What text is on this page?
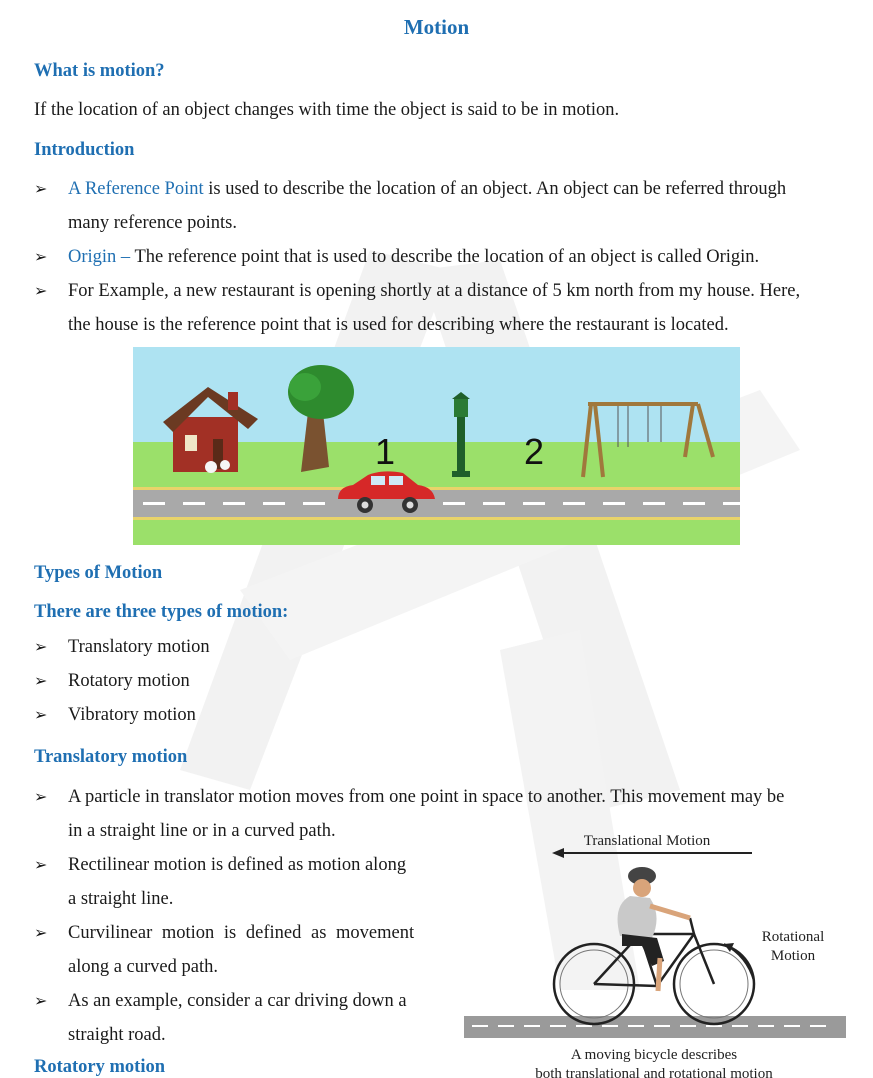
Motion
What is motion?
If the location of an object changes with time the object is said to be in motion.
Introduction
➢ A Reference Point is used to describe the location of an object. An object can be referred through
many reference points.
➢ Origin – The reference point that is used to describe the location of an object is called Origin.
➢ For Example, a new restaurant is opening shortly at a distance of 5 km north from my house. Here,
the house is the reference point that is used for describing where the restaurant is located.
1	2
Types of Motion
There are three types of motion:
➢ Translatory motion
➢ Rotatory motion
➢ Vibratory motion
Translatory motion
➢ A particle in translator motion moves from one point in space to another. This movement may be
in a straight line or in a curved path.
➢ Rectilinear motion is defined as motion along
a straight line.
➢ Curvilinear motion is defined as movement
along a curved path.
➢ As an example, consider a car driving down a
straight road.
Rotatory motion
Translational Motion
Rotational
Motion
A moving bicycle describes
both translational and rotational motion
